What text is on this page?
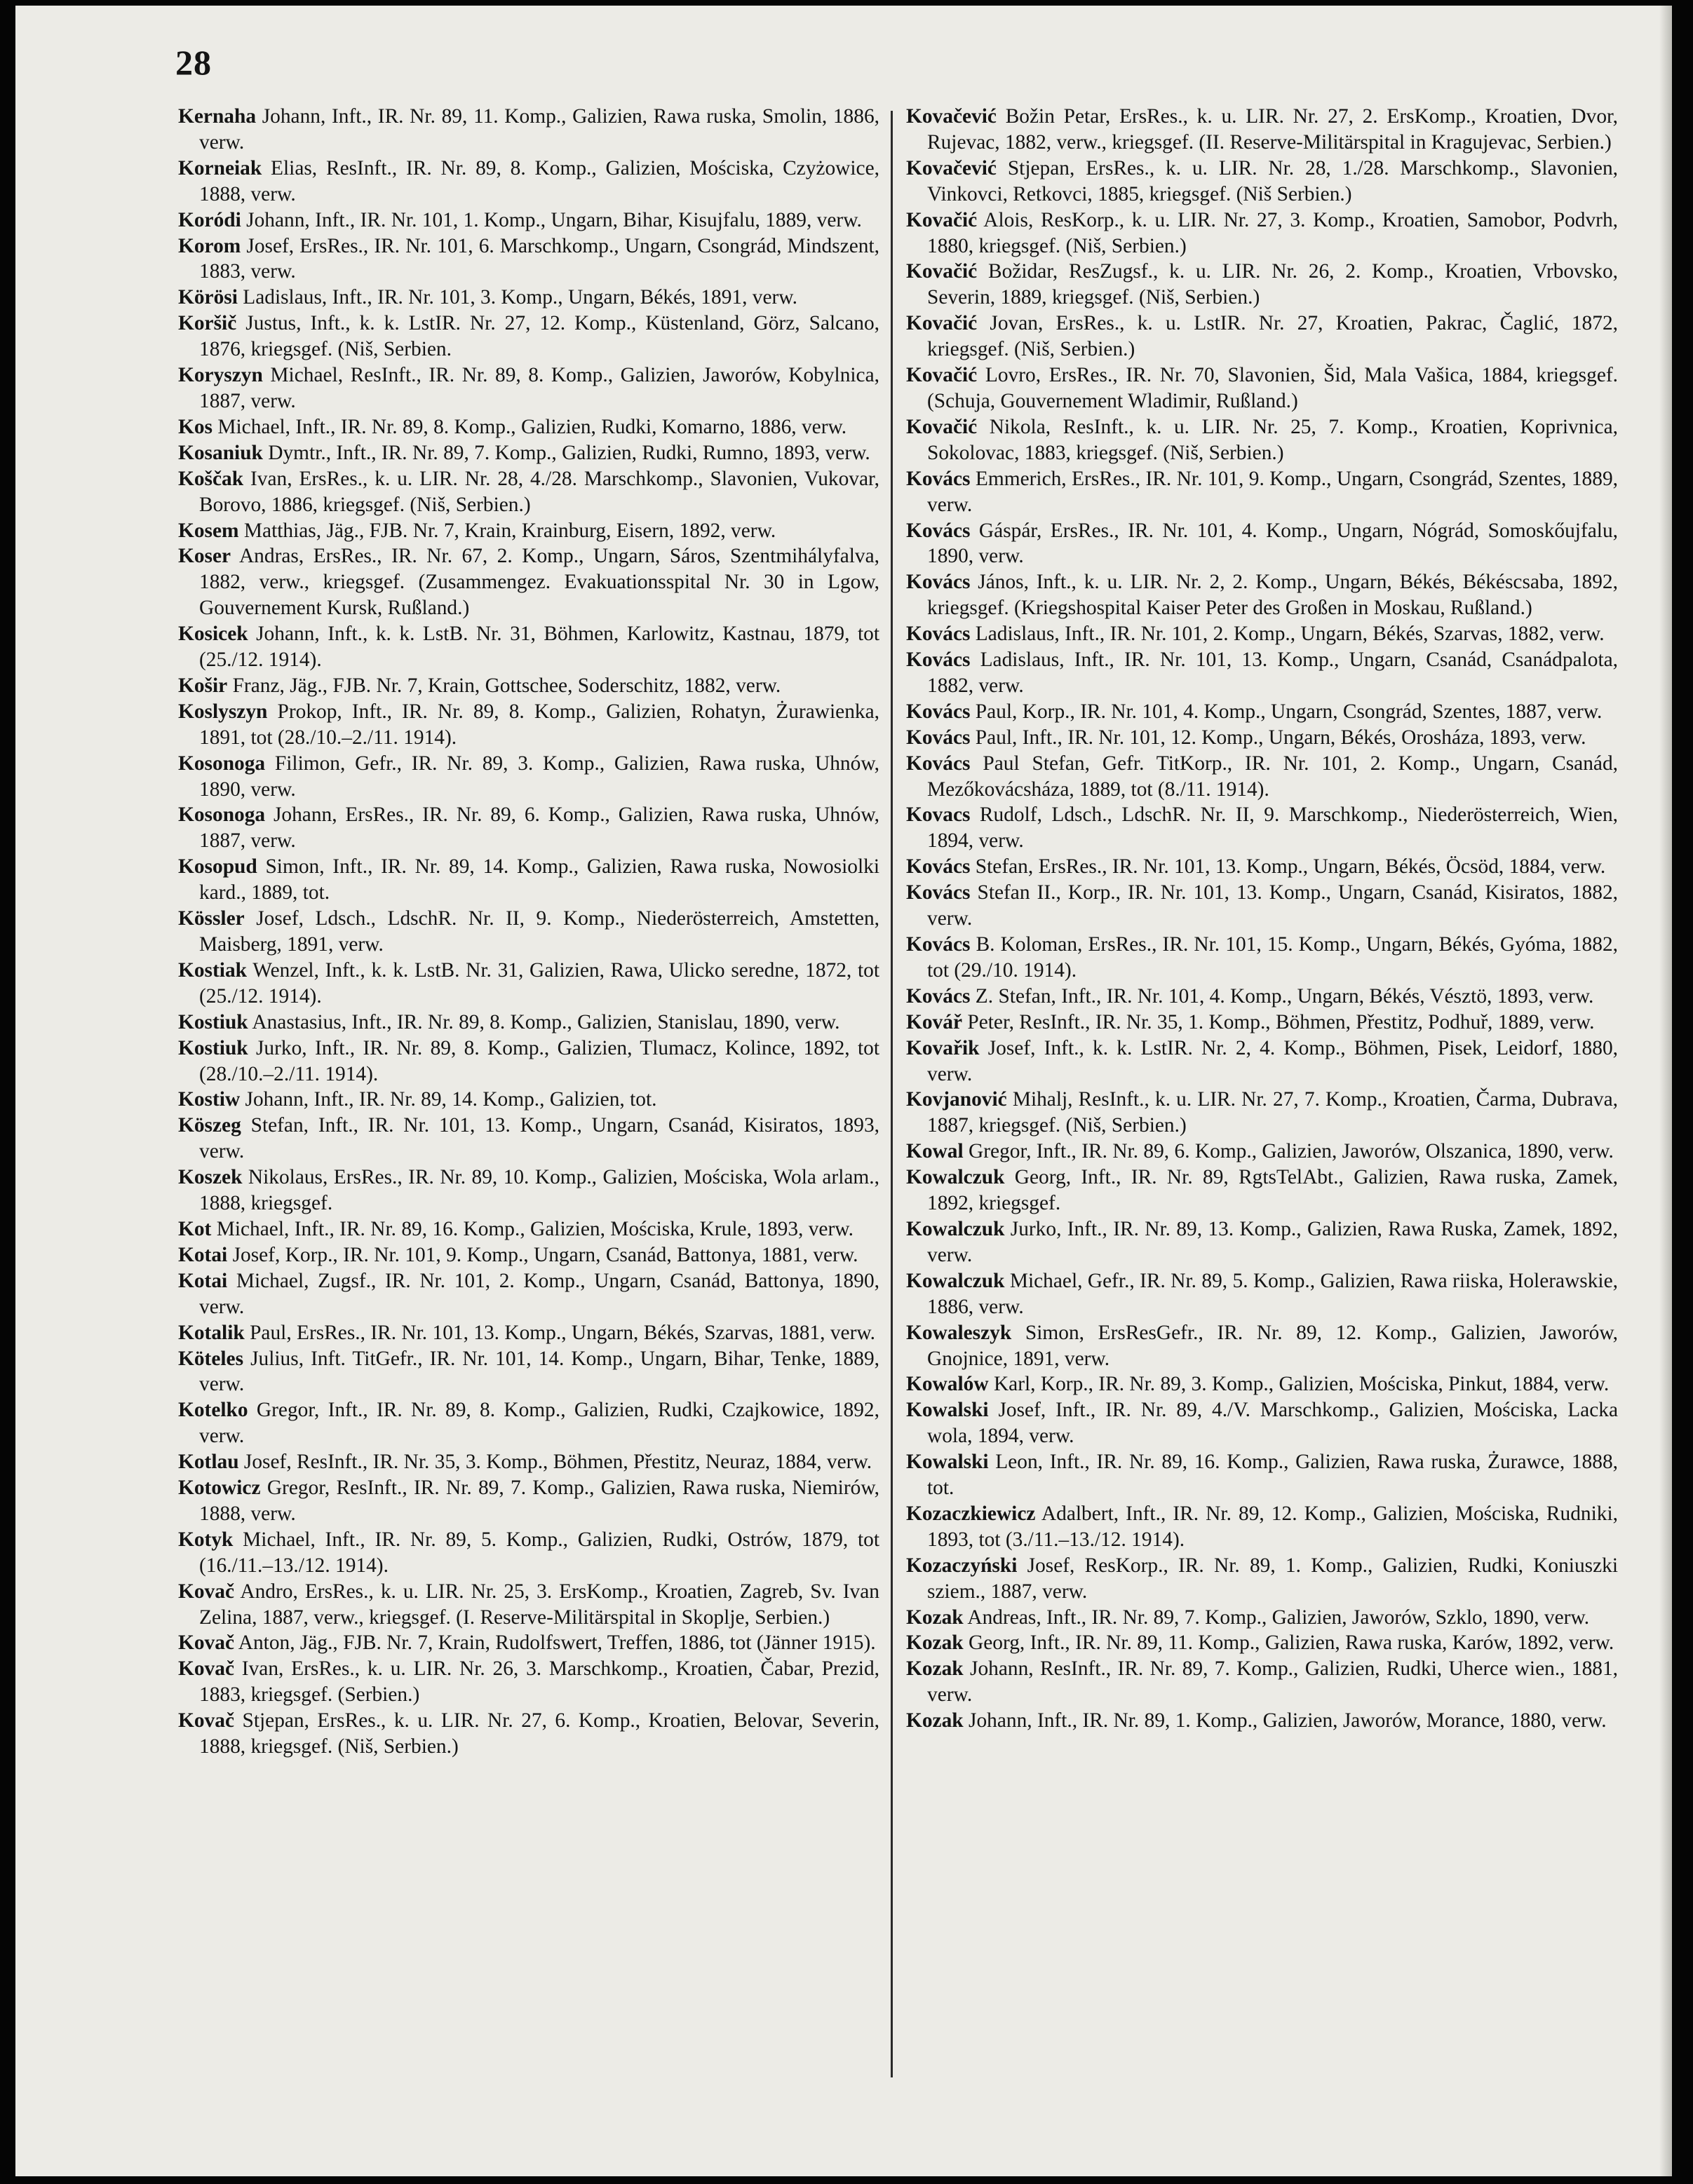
28

Kernaha Johann, Inft., IR. Nr. 89, 11. Komp., Galizien, Rawa ruska, Smolin, 1886, verw.

Korneiak Elias, ResInft., IR. Nr. 89, 8. Komp., Galizien, Mościska, Czyżowice, 1888, verw.

Koródi Johann, Inft., IR. Nr. 101, 1. Komp., Ungarn, Bihar, Kisujfalu, 1889, verw.

Korom Josef, ErsRes., IR. Nr. 101, 6. Marschkomp., Ungarn, Csongrád, Mindszent, 1883, verw.

Körösi Ladislaus, Inft., IR. Nr. 101, 3. Komp., Ungarn, Békés, 1891, verw.

Koršič Justus, Inft., k. k. LstIR. Nr. 27, 12. Komp., Küstenland, Görz, Salcano, 1876, kriegsgef. (Niš, Serbien.

Koryszyn Michael, ResInft., IR. Nr. 89, 8. Komp., Galizien, Jaworów, Kobylnica, 1887, verw.

Kos Michael, Inft., IR. Nr. 89, 8. Komp., Galizien, Rudki, Komarno, 1886, verw.

Kosaniuk Dymtr., Inft., IR. Nr. 89, 7. Komp., Galizien, Rudki, Rumno, 1893, verw.

Koščak Ivan, ErsRes., k. u. LIR. Nr. 28, 4./28. Marschkomp., Slavonien, Vukovar, Borovo, 1886, kriegsgef. (Niš, Serbien.)

Kosem Matthias, Jäg., FJB. Nr. 7, Krain, Krainburg, Eisern, 1892, verw.

Koser Andras, ErsRes., IR. Nr. 67, 2. Komp., Ungarn, Sáros, Szentmihályfalva, 1882, verw., kriegsgef. (Zusammengez. Evakuationsspital Nr. 30 in Lgow, Gouvernement Kursk, Rußland.)

Kosicek Johann, Inft., k. k. LstB. Nr. 31, Böhmen, Karlowitz, Kastnau, 1879, tot (25./12. 1914).

Košir Franz, Jäg., FJB. Nr. 7, Krain, Gottschee, Soderschitz, 1882, verw.

Koslyszyn Prokop, Inft., IR. Nr. 89, 8. Komp., Galizien, Rohatyn, Żurawienka, 1891, tot (28./10.–2./11. 1914).

Kosonoga Filimon, Gefr., IR. Nr. 89, 3. Komp., Galizien, Rawa ruska, Uhnów, 1890, verw.

Kosonoga Johann, ErsRes., IR. Nr. 89, 6. Komp., Galizien, Rawa ruska, Uhnów, 1887, verw.

Kosopud Simon, Inft., IR. Nr. 89, 14. Komp., Galizien, Rawa ruska, Nowosiolki kard., 1889, tot.

Kössler Josef, Ldsch., LdschR. Nr. II, 9. Komp., Niederösterreich, Amstetten, Maisberg, 1891, verw.

Kostiak Wenzel, Inft., k. k. LstB. Nr. 31, Galizien, Rawa, Ulicko seredne, 1872, tot (25./12. 1914).

Kostiuk Anastasius, Inft., IR. Nr. 89, 8. Komp., Galizien, Stanislau, 1890, verw.

Kostiuk Jurko, Inft., IR. Nr. 89, 8. Komp., Galizien, Tlumacz, Kolince, 1892, tot (28./10.–2./11. 1914).

Kostiw Johann, Inft., IR. Nr. 89, 14. Komp., Galizien, tot.

Köszeg Stefan, Inft., IR. Nr. 101, 13. Komp., Ungarn, Csanád, Kisiratos, 1893, verw.

Koszek Nikolaus, ErsRes., IR. Nr. 89, 10. Komp., Galizien, Mościska, Wola arlam., 1888, kriegsgef.

Kot Michael, Inft., IR. Nr. 89, 16. Komp., Galizien, Mościska, Krule, 1893, verw.

Kotai Josef, Korp., IR. Nr. 101, 9. Komp., Ungarn, Csanád, Battonya, 1881, verw.

Kotai Michael, Zugsf., IR. Nr. 101, 2. Komp., Ungarn, Csanád, Battonya, 1890, verw.

Kotalik Paul, ErsRes., IR. Nr. 101, 13. Komp., Ungarn, Békés, Szarvas, 1881, verw.

Köteles Julius, Inft. TitGefr., IR. Nr. 101, 14. Komp., Ungarn, Bihar, Tenke, 1889, verw.

Kotelko Gregor, Inft., IR. Nr. 89, 8. Komp., Galizien, Rudki, Czajkowice, 1892, verw.

Kotlau Josef, ResInft., IR. Nr. 35, 3. Komp., Böhmen, Přestitz, Neuraz, 1884, verw.

Kotowicz Gregor, ResInft., IR. Nr. 89, 7. Komp., Galizien, Rawa ruska, Niemirów, 1888, verw.

Kotyk Michael, Inft., IR. Nr. 89, 5. Komp., Galizien, Rudki, Ostrów, 1879, tot (16./11.–13./12. 1914).

Kovač Andro, ErsRes., k. u. LIR. Nr. 25, 3. ErsKomp., Kroatien, Zagreb, Sv. Ivan Zelina, 1887, verw., kriegsgef. (I. Reserve-Militärspital in Skoplje, Serbien.)

Kovač Anton, Jäg., FJB. Nr. 7, Krain, Rudolfswert, Treffen, 1886, tot (Jänner 1915).

Kovač Ivan, ErsRes., k. u. LIR. Nr. 26, 3. Marschkomp., Kroatien, Čabar, Prezid, 1883, kriegsgef. (Serbien.)

Kovač Stjepan, ErsRes., k. u. LIR. Nr. 27, 6. Komp., Kroatien, Belovar, Severin, 1888, kriegsgef. (Niš, Serbien.)

Kovačević Božin Petar, ErsRes., k. u. LIR. Nr. 27, 2. ErsKomp., Kroatien, Dvor, Rujevac, 1882, verw., kriegsgef. (II. Reserve-Militärspital in Kragujevac, Serbien.)

Kovačević Stjepan, ErsRes., k. u. LIR. Nr. 28, 1./28. Marschkomp., Slavonien, Vinkovci, Retkovci, 1885, kriegsgef. (Niš Serbien.)

Kovačić Alois, ResKorp., k. u. LIR. Nr. 27, 3. Komp., Kroatien, Samobor, Podvrh, 1880, kriegsgef. (Niš, Serbien.)

Kovačić Božidar, ResZugsf., k. u. LIR. Nr. 26, 2. Komp., Kroatien, Vrbovsko, Severin, 1889, kriegsgef. (Niš, Serbien.)

Kovačić Jovan, ErsRes., k. u. LstIR. Nr. 27, Kroatien, Pakrac, Čaglić, 1872, kriegsgef. (Niš, Serbien.)

Kovačić Lovro, ErsRes., IR. Nr. 70, Slavonien, Šid, Mala Vašica, 1884, kriegsgef. (Schuja, Gouvernement Wladimir, Rußland.)

Kovačić Nikola, ResInft., k. u. LIR. Nr. 25, 7. Komp., Kroatien, Koprivnica, Sokolovac, 1883, kriegsgef. (Niš, Serbien.)

Kovács Emmerich, ErsRes., IR. Nr. 101, 9. Komp., Ungarn, Csongrád, Szentes, 1889, verw.

Kovács Gáspár, ErsRes., IR. Nr. 101, 4. Komp., Ungarn, Nógrád, Somoskőujfalu, 1890, verw.

Kovács János, Inft., k. u. LIR. Nr. 2, 2. Komp., Ungarn, Békés, Békéscsaba, 1892, kriegsgef. (Kriegshospital Kaiser Peter des Großen in Moskau, Rußland.)

Kovács Ladislaus, Inft., IR. Nr. 101, 2. Komp., Ungarn, Békés, Szarvas, 1882, verw.

Kovács Ladislaus, Inft., IR. Nr. 101, 13. Komp., Ungarn, Csanád, Csanádpalota, 1882, verw.

Kovács Paul, Korp., IR. Nr. 101, 4. Komp., Ungarn, Csongrád, Szentes, 1887, verw.

Kovács Paul, Inft., IR. Nr. 101, 12. Komp., Ungarn, Békés, Orosháza, 1893, verw.

Kovács Paul Stefan, Gefr. TitKorp., IR. Nr. 101, 2. Komp., Ungarn, Csanád, Mezőkovácsháza, 1889, tot (8./11. 1914).

Kovacs Rudolf, Ldsch., LdschR. Nr. II, 9. Marschkomp., Niederösterreich, Wien, 1894, verw.

Kovács Stefan, ErsRes., IR. Nr. 101, 13. Komp., Ungarn, Békés, Öcsöd, 1884, verw.

Kovács Stefan II., Korp., IR. Nr. 101, 13. Komp., Ungarn, Csanád, Kisiratos, 1882, verw.

Kovács B. Koloman, ErsRes., IR. Nr. 101, 15. Komp., Ungarn, Békés, Gyóma, 1882, tot (29./10. 1914).

Kovács Z. Stefan, Inft., IR. Nr. 101, 4. Komp., Ungarn, Békés, Vésztö, 1893, verw.

Kovář Peter, ResInft., IR. Nr. 35, 1. Komp., Böhmen, Přestitz, Podhuř, 1889, verw.

Kovařik Josef, Inft., k. k. LstIR. Nr. 2, 4. Komp., Böhmen, Pisek, Leidorf, 1880, verw.

Kovjanović Mihalj, ResInft., k. u. LIR. Nr. 27, 7. Komp., Kroatien, Čarma, Dubrava, 1887, kriegsgef. (Niš, Serbien.)

Kowal Gregor, Inft., IR. Nr. 89, 6. Komp., Galizien, Jaworów, Olszanica, 1890, verw.

Kowalczuk Georg, Inft., IR. Nr. 89, RgtsTelAbt., Galizien, Rawa ruska, Zamek, 1892, kriegsgef.

Kowalczuk Jurko, Inft., IR. Nr. 89, 13. Komp., Galizien, Rawa Ruska, Zamek, 1892, verw.

Kowalczuk Michael, Gefr., IR. Nr. 89, 5. Komp., Galizien, Rawa riiska, Holerawskie, 1886, verw.

Kowaleszyk Simon, ErsResGefr., IR. Nr. 89, 12. Komp., Galizien, Jaworów, Gnojnice, 1891, verw.

Kowalów Karl, Korp., IR. Nr. 89, 3. Komp., Galizien, Mościska, Pinkut, 1884, verw.

Kowalski Josef, Inft., IR. Nr. 89, 4./V. Marschkomp., Galizien, Mościska, Lacka wola, 1894, verw.

Kowalski Leon, Inft., IR. Nr. 89, 16. Komp., Galizien, Rawa ruska, Żurawce, 1888, tot.

Kozaczkiewicz Adalbert, Inft., IR. Nr. 89, 12. Komp., Galizien, Mościska, Rudniki, 1893, tot (3./11.–13./12. 1914).

Kozaczyński Josef, ResKorp., IR. Nr. 89, 1. Komp., Galizien, Rudki, Koniuszki sziem., 1887, verw.

Kozak Andreas, Inft., IR. Nr. 89, 7. Komp., Galizien, Jaworów, Szklo, 1890, verw.

Kozak Georg, Inft., IR. Nr. 89, 11. Komp., Galizien, Rawa ruska, Karów, 1892, verw.

Kozak Johann, ResInft., IR. Nr. 89, 7. Komp., Galizien, Rudki, Uherce wien., 1881, verw.

Kozak Johann, Inft., IR. Nr. 89, 1. Komp., Galizien, Jaworów, Morance, 1880, verw.
